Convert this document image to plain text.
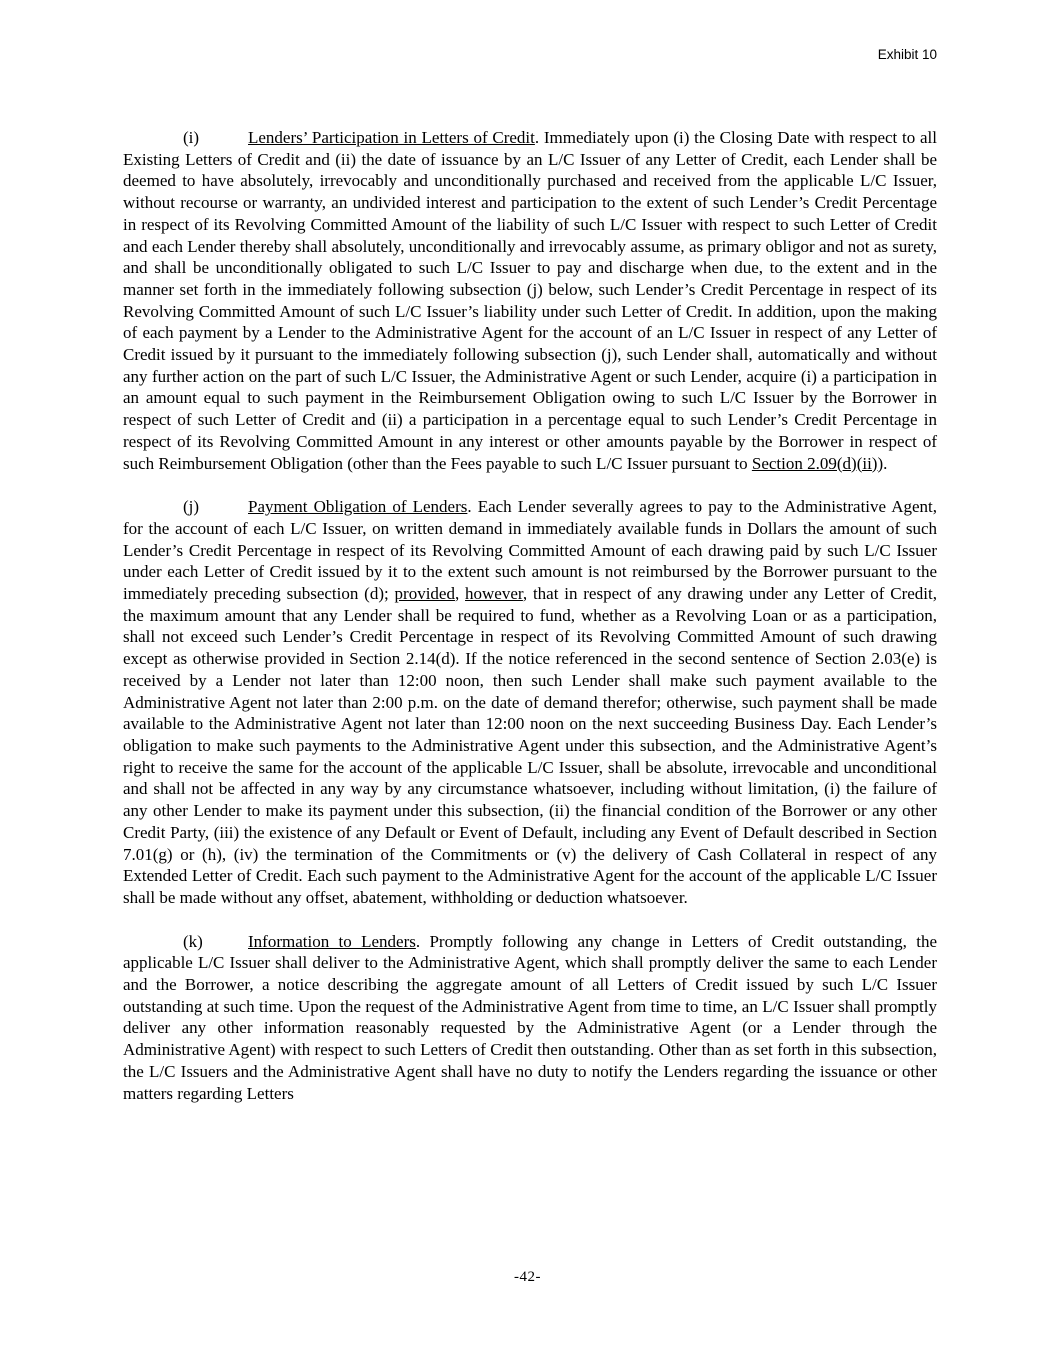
Exhibit 10

(i)	Lenders’ Participation in Letters of Credit. Immediately upon (i) the Closing Date with respect to all Existing Letters of Credit and (ii) the date of issuance by an L/C Issuer of any Letter of Credit, each Lender shall be deemed to have absolutely, irrevocably and unconditionally purchased and received from the applicable L/C Issuer, without recourse or warranty, an undivided interest and participation to the extent of such Lender’s Credit Percentage in respect of its Revolving Committed Amount of the liability of such L/C Issuer with respect to such Letter of Credit and each Lender thereby shall absolutely, unconditionally and irrevocably assume, as primary obligor and not as surety, and shall be unconditionally obligated to such L/C Issuer to pay and discharge when due, to the extent and in the manner set forth in the immediately following subsection (j) below, such Lender’s Credit Percentage in respect of its Revolving Committed Amount of such L/C Issuer’s liability under such Letter of Credit. In addition, upon the making of each payment by a Lender to the Administrative Agent for the account of an L/C Issuer in respect of any Letter of Credit issued by it pursuant to the immediately following subsection (j), such Lender shall, automatically and without any further action on the part of such L/C Issuer, the Administrative Agent or such Lender, acquire (i) a participation in an amount equal to such payment in the Reimbursement Obligation owing to such L/C Issuer by the Borrower in respect of such Letter of Credit and (ii) a participation in a percentage equal to such Lender’s Credit Percentage in respect of its Revolving Committed Amount in any interest or other amounts payable by the Borrower in respect of such Reimbursement Obligation (other than the Fees payable to such L/C Issuer pursuant to Section 2.09(d)(ii)).

(j)	Payment Obligation of Lenders. Each Lender severally agrees to pay to the Administrative Agent, for the account of each L/C Issuer, on written demand in immediately available funds in Dollars the amount of such Lender’s Credit Percentage in respect of its Revolving Committed Amount of each drawing paid by such L/C Issuer under each Letter of Credit issued by it to the extent such amount is not reimbursed by the Borrower pursuant to the immediately preceding subsection (d); provided, however, that in respect of any drawing under any Letter of Credit, the maximum amount that any Lender shall be required to fund, whether as a Revolving Loan or as a participation, shall not exceed such Lender’s Credit Percentage in respect of its Revolving Committed Amount of such drawing except as otherwise provided in Section 2.14(d). If the notice referenced in the second sentence of Section 2.03(e) is received by a Lender not later than 12:00 noon, then such Lender shall make such payment available to the Administrative Agent not later than 2:00 p.m. on the date of demand therefor; otherwise, such payment shall be made available to the Administrative Agent not later than 12:00 noon on the next succeeding Business Day. Each Lender’s obligation to make such payments to the Administrative Agent under this subsection, and the Administrative Agent’s right to receive the same for the account of the applicable L/C Issuer, shall be absolute, irrevocable and unconditional and shall not be affected in any way by any circumstance whatsoever, including without limitation, (i) the failure of any other Lender to make its payment under this subsection, (ii) the financial condition of the Borrower or any other Credit Party, (iii) the existence of any Default or Event of Default, including any Event of Default described in Section 7.01(g) or (h), (iv) the termination of the Commitments or (v) the delivery of Cash Collateral in respect of any Extended Letter of Credit. Each such payment to the Administrative Agent for the account of the applicable L/C Issuer shall be made without any offset, abatement, withholding or deduction whatsoever.

(k)	Information to Lenders. Promptly following any change in Letters of Credit outstanding, the applicable L/C Issuer shall deliver to the Administrative Agent, which shall promptly deliver the same to each Lender and the Borrower, a notice describing the aggregate amount of all Letters of Credit issued by such L/C Issuer outstanding at such time. Upon the request of the Administrative Agent from time to time, an L/C Issuer shall promptly deliver any other information reasonably requested by the Administrative Agent (or a Lender through the Administrative Agent) with respect to such Letters of Credit then outstanding. Other than as set forth in this subsection, the L/C Issuers and the Administrative Agent shall have no duty to notify the Lenders regarding the issuance or other matters regarding Letters

-42-
